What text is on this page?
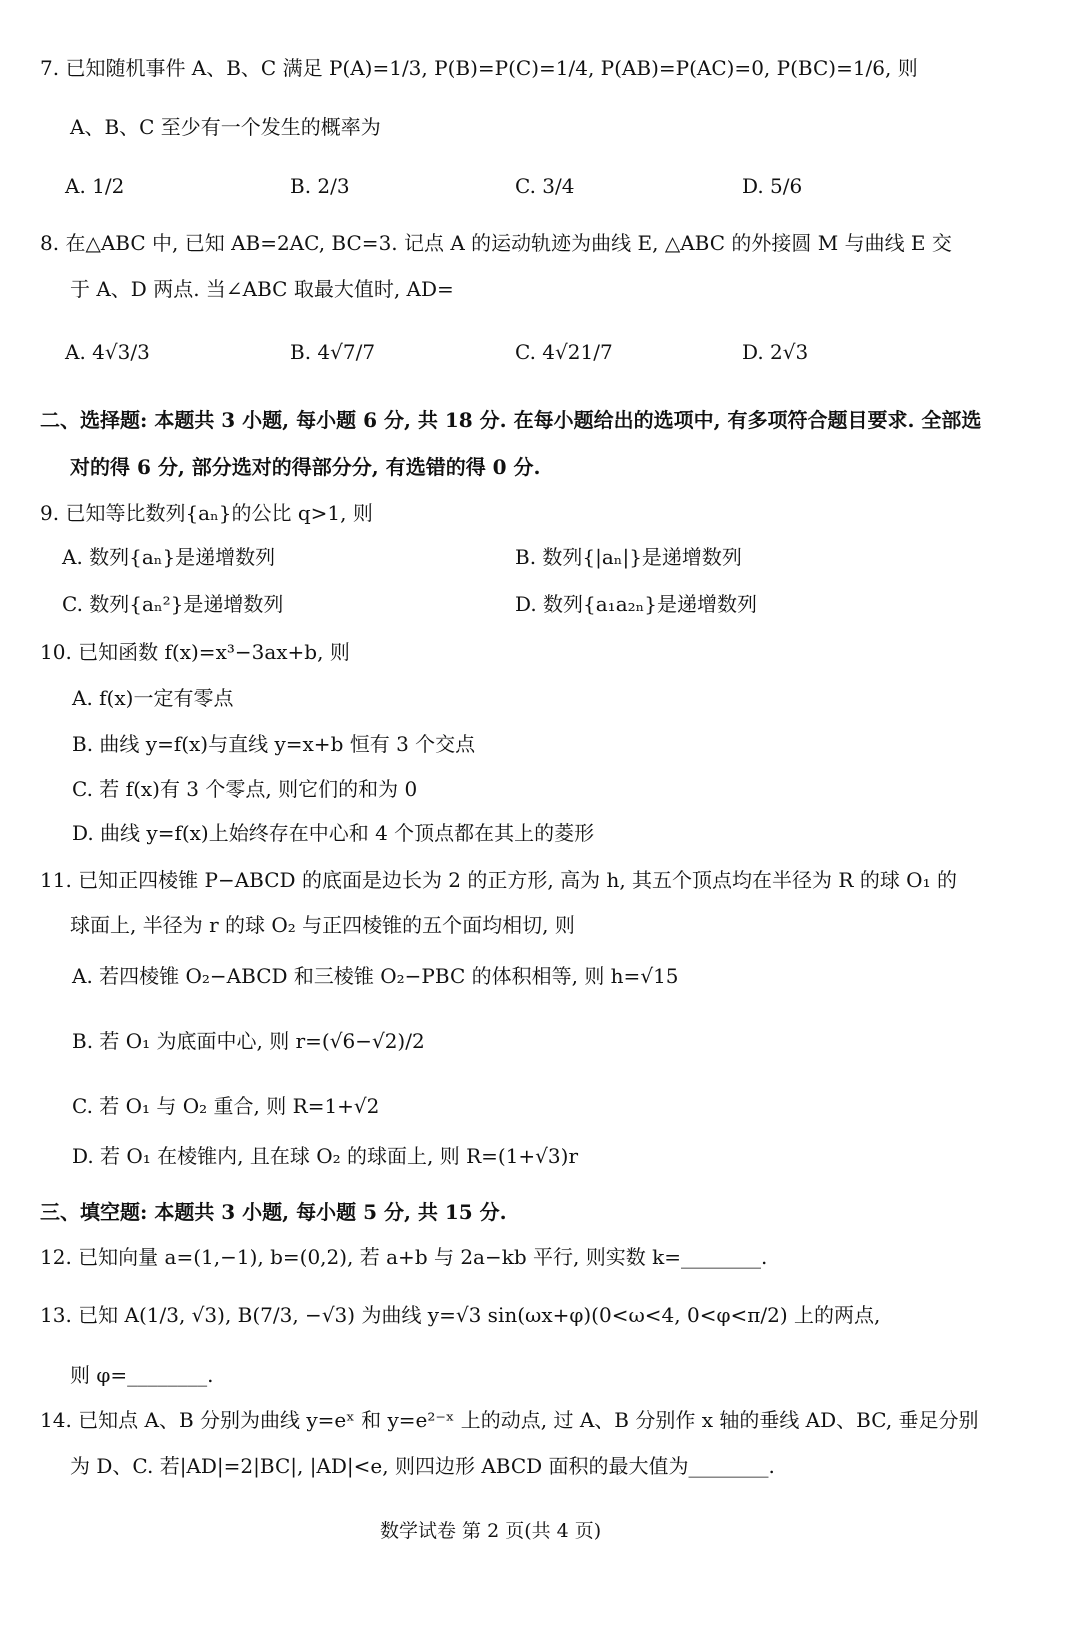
7. 已知随机事件 A、B、C 满足 P(A)=1/3, P(B)=P(C)=1/4, P(AB)=P(AC)=0, P(BC)=1/6, 则
A、B、C 至少有一个发生的概率为
A. 1/2	B. 2/3	C. 3/4	D. 5/6
8. 在△ABC 中, 已知 AB=2AC, BC=3. 记点 A 的运动轨迹为曲线 E, △ABC 的外接圆 M 与曲线 E 交
于 A、D 两点. 当∠ABC 取最大值时, AD=
A. 4√3/3	B. 4√7/7	C. 4√21/7	D. 2√3
二、选择题: 本题共 3 小题, 每小题 6 分, 共 18 分. 在每小题给出的选项中, 有多项符合题目要求. 全部选
对的得 6 分, 部分选对的得部分分, 有选错的得 0 分.
9. 已知等比数列{aₙ}的公比 q>1, 则
A. 数列{aₙ}是递增数列	B. 数列{|aₙ|}是递增数列
C. 数列{aₙ²}是递增数列	D. 数列{a₁a₂ₙ}是递增数列
10. 已知函数 f(x)=x³−3ax+b, 则
A. f(x)一定有零点
B. 曲线 y=f(x)与直线 y=x+b 恒有 3 个交点
C. 若 f(x)有 3 个零点, 则它们的和为 0
D. 曲线 y=f(x)上始终存在中心和 4 个顶点都在其上的菱形
11. 已知正四棱锥 P−ABCD 的底面是边长为 2 的正方形, 高为 h, 其五个顶点均在半径为 R 的球 O₁ 的
球面上, 半径为 r 的球 O₂ 与正四棱锥的五个面均相切, 则
A. 若四棱锥 O₂−ABCD 和三棱锥 O₂−PBC 的体积相等, 则 h=√15
B. 若 O₁ 为底面中心, 则 r=(√6−√2)/2
C. 若 O₁ 与 O₂ 重合, 则 R=1+√2
D. 若 O₁ 在棱锥内, 且在球 O₂ 的球面上, 则 R=(1+√3)r
三、填空题: 本题共 3 小题, 每小题 5 分, 共 15 分.
12. 已知向量 a=(1,−1), b=(0,2), 若 a+b 与 2a−kb 平行, 则实数 k=________.
13. 已知 A(1/3, √3), B(7/3, −√3) 为曲线 y=√3 sin(ωx+φ)(0<ω<4, 0<φ<π/2) 上的两点,
则 φ=________.
14. 已知点 A、B 分别为曲线 y=eˣ 和 y=e²⁻ˣ 上的动点, 过 A、B 分别作 x 轴的垂线 AD、BC, 垂足分别
为 D、C. 若|AD|=2|BC|, |AD|<e, 则四边形 ABCD 面积的最大值为________.
数学试卷 第 2 页(共 4 页)
